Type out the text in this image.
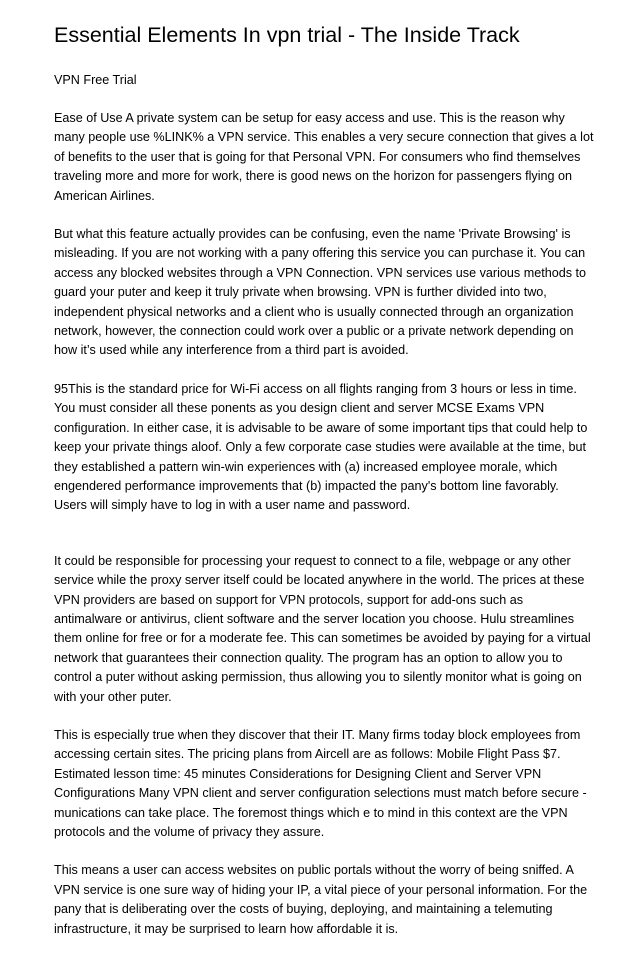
Essential Elements In vpn trial - The Inside Track

VPN Free Trial

Ease of Use A private system can be setup for easy access and use. This is the reason why many people use %LINK% a VPN service. This enables a very secure connection that gives a lot of benefits to the user that is going for that Personal VPN. For consumers who find themselves traveling more and more for work, there is good news on the horizon for passengers flying on American Airlines.

But what this feature actually provides can be confusing, even the name 'Private Browsing' is misleading. If you are not working with a pany offering this service you can purchase it. You can access any blocked websites through a VPN Connection. VPN services use various methods to guard your puter and keep it truly private when browsing. VPN is further divided into two, independent physical networks and a client who is usually connected through an organization network, however, the connection could work over a public or a private network depending on how it’s used while any interference from a third part is avoided.

95This is the standard price for Wi-Fi access on all flights ranging from 3 hours or less in time. You must consider all these ponents as you design client and server MCSE Exams VPN configuration. In either case, it is advisable to be aware of some important tips that could help to keep your private things aloof. Only a few corporate case studies were available at the time, but they established a pattern win-win experiences with (a) increased employee morale, which engendered performance improvements that (b) impacted the pany's bottom line favorably. Users will simply have to log in with a user name and password.

It could be responsible for processing your request to connect to a file, webpage or any other service while the proxy server itself could be located anywhere in the world. The prices at these VPN providers are based on support for VPN protocols, support for add-ons such as antimalware or antivirus, client software and the server location you choose. Hulu streamlines them online for free or for a moderate fee. This can sometimes be avoided by paying for a virtual network that guarantees their connection quality. The program has an option to allow you to control a puter without asking permission, thus allowing you to silently monitor what is going on with your other puter.

This is especially true when they discover that their IT. Many firms today block employees from accessing certain sites. The pricing plans from Aircell are as follows: Mobile Flight Pass $7. Estimated lesson time: 45 minutes Considerations for Designing Client and Server VPN Configurations Many VPN client and server configuration selections must match before secure -munications can take place. The foremost things which e to mind in this context are the VPN protocols and the volume of privacy they assure.

This means a user can access websites on public portals without the worry of being sniffed. A VPN service is one sure way of hiding your IP, a vital piece of your personal information. For the pany that is deliberating over the costs of buying, deploying, and maintaining a telemuting infrastructure, it may be surprised to learn how affordable it is.
